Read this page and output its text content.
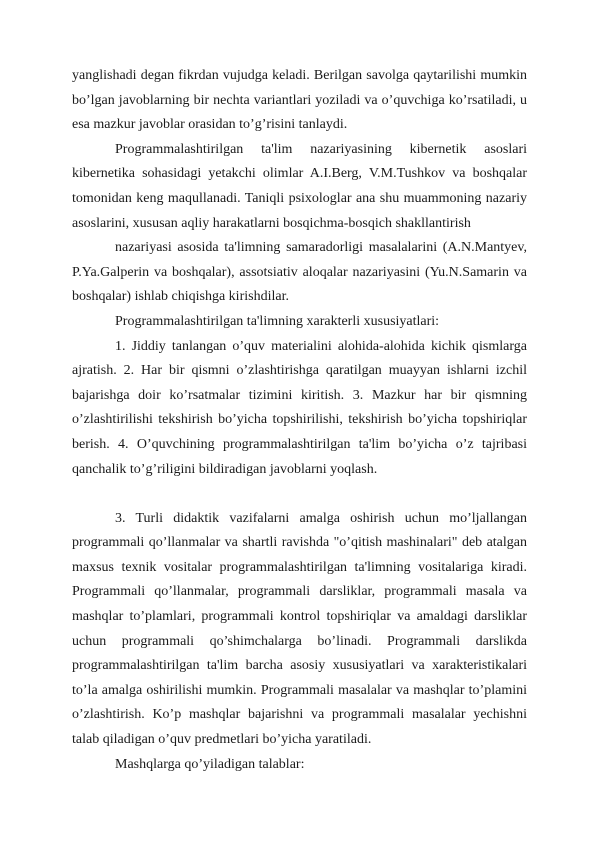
yanglishadi degan fikrdan vujudga keladi. Berilgan savolga qaytarilishi mumkin bo’lgan javoblarning bir nechta variantlari yoziladi va o’quvchiga ko’rsatiladi, u esa mazkur javoblar orasidan to’g’risini tanlaydi.

Programmalashtirilgan ta'lim nazariyasining kibernetik asoslari kibernetika sohasidagi yetakchi olimlar A.I.Berg, V.M.Tushkov va boshqalar tomonidan keng maqullanadi. Taniqli psixologlar ana shu muammoning nazariy asoslarini, xususan aqliy harakatlarni bosqichma-bosqich shakllantirish

nazariyasi asosida ta'limning samaradorligi masalalarini (A.N.Mantyev, P.Ya.Galperin va boshqalar), assotsiativ aloqalar nazariyasini (Yu.N.Samarin va boshqalar) ishlab chiqishga kirishdilar.

Programmalashtirilgan ta'limning xarakterli xususiyatlari:

1. Jiddiy tanlangan o’quv materialini alohida-alohida kichik qismlarga ajratish. 2. Har bir qismni o’zlashtirishga qaratilgan muayyan ishlarni izchil bajarishga doir ko’rsatmalar tizimini kiritish. 3. Mazkur har bir qismning o’zlashtirilishi tekshirish bo’yicha topshirilishi, tekshirish bo’yicha topshiriqlar berish. 4. O’quvchining programmalashtirilgan ta'lim bo’yicha o’z tajribasi qanchalik to’g’riligini bildiradigan javoblarni yoqlash.

3. Turli didaktik vazifalarni amalga oshirish uchun mo’ljallangan programmali qo’llanmalar va shartli ravishda "o’qitish mashinalari" deb atalgan maxsus texnik vositalar programmalashtirilgan ta'limning vositalariga kiradi. Programmali qo’llanmalar, programmali darsliklar, programmali masala va mashqlar to’plamlari, programmali kontrol topshiriqlar va amaldagi darsliklar uchun programmali qo’shimchalarga bo’linadi. Programmali darslikda programmalashtirilgan ta'lim barcha asosiy xususiyatlari va xarakteristikalari to’la amalga oshirilishi mumkin. Programmali masalalar va mashqlar to’plamini o’zlashtirish. Ko’p mashqlar bajarishni va programmali masalalar yechishni talab qiladigan o’quv predmetlari bo’yicha yaratiladi.

Mashqlarga qo’yiladigan talablar:
